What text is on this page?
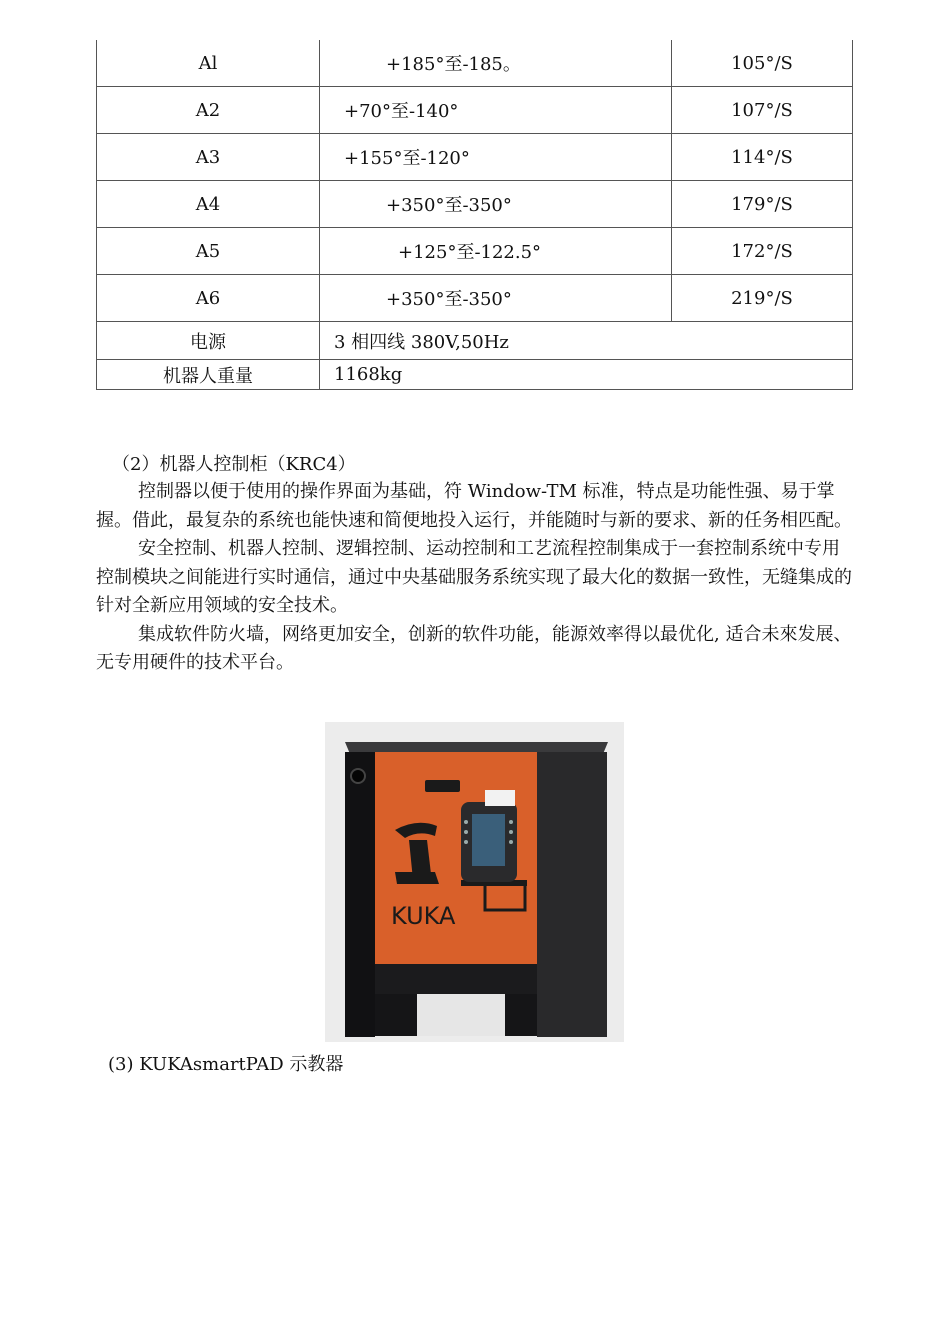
Al	+185°至-185。	105°/S
A2	+70°至-140°	107°/S
A3	+155°至-120°	114°/S
A4	+350°至-350°	179°/S
A5	+125°至-122.5°	172°/S
A6	+350°至-350°	219°/S
电源	3 相四线 380V,50Hz	
机器人重量	1168kg	
（2）机器人控制柜（KRC4）

控制器以便于使用的操作界面为基础，符 Window-TM 标准，特点是功能性强、易于掌握。借此，最复杂的系统也能快速和简便地投入运行，并能随时与新的要求、新的任务相匹配。

安全控制、机器人控制、逻辑控制、运动控制和工艺流程控制集成于一套控制系统中专用控制模块之间能进行实时通信，通过中央基础服务系统实现了最大化的数据一致性，无缝集成的针对全新应用领域的安全技术。

集成软件防火墙，网络更加安全，创新的软件功能，能源效率得以最优化, 适合未來发展、无专用硬件的技术平台。

KUKA
(3) KUKAsmartPAD 示教器
